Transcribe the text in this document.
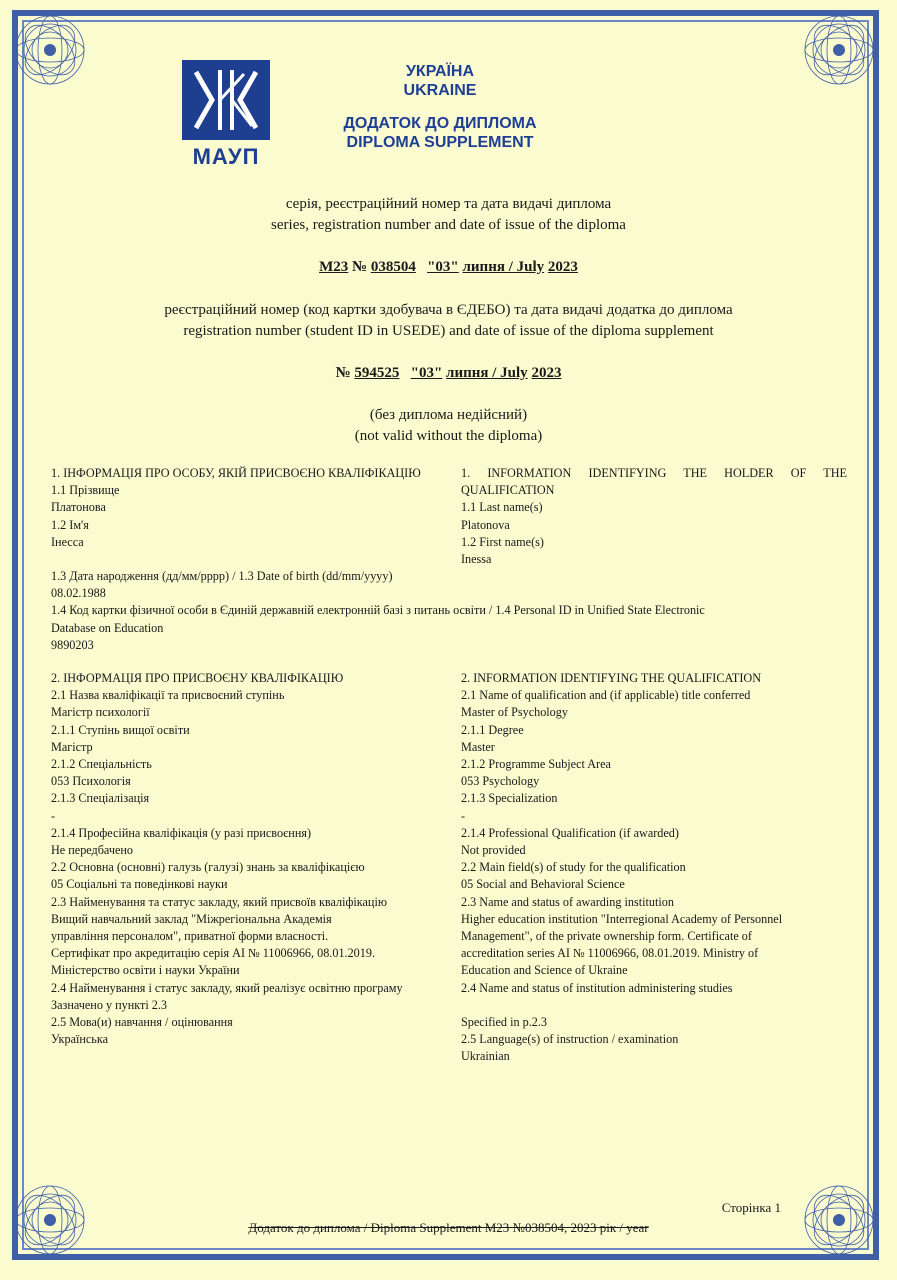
МАУП
УКРАЇНА
UKRAINE
ДОДАТОК ДО ДИПЛОМА
DIPLOMA SUPPLEMENT
серія, реєстраційний номер та дата видачі диплома
series, registration number and date of issue of the diploma
М23 № 038504 "03" липня / July 2023
реєстраційний номер (код картки здобувача в ЄДЕБО) та дата видачі додатка до диплома
registration number (student ID in USEDE) and date of issue of the diploma supplement
№ 594525 "03" липня / July 2023
(без диплома недійсний)
(not valid without the diploma)
1. ІНФОРМАЦІЯ ПРО ОСОБУ, ЯКІЙ ПРИСВОЄНО КВАЛІФІКАЦІЮ
1.1 Прізвище
Платонова
1.2 Ім'я
Інесса
1. INFORMATION IDENTIFYING THE HOLDER OF THE QUALIFICATION
1.1 Last name(s)
Platonova
1.2 First name(s)
Inessa
1.3 Дата народження (дд/мм/рррр) / 1.3 Date of birth (dd/mm/yyyy)
08.02.1988
1.4 Код картки фізичної особи в Єдиній державній електронній базі з питань освіти / 1.4 Personal ID in Unified State Electronic Database on Education
9890203
2. ІНФОРМАЦІЯ ПРО ПРИСВОЄНУ КВАЛІФІКАЦІЮ
2.1 Назва кваліфікації та присвоєний ступінь
Магістр психології
2.1.1 Ступінь вищої освіти
Магістр
2.1.2 Спеціальність
053 Психологія
2.1.3 Спеціалізація
-
2.1.4 Професійна кваліфікація (у разі присвоєння)
Не передбачено
2.2 Основна (основні) галузь (галузі) знань за кваліфікацією
05 Соціальні та поведінкові науки
2.3 Найменування та статус закладу, який присвоїв кваліфікацію
Вищий навчальний заклад "Міжрегіональна Академія
управління персоналом", приватної форми власності.
Сертифікат про акредитацію серія АІ № 11006966, 08.01.2019.
Міністерство освіти і науки України
2.4 Найменування і статус закладу, який реалізує освітню програму
Зазначено у пункті 2.3
2.5 Мова(и) навчання / оцінювання
Українська
2. INFORMATION IDENTIFYING THE QUALIFICATION
2.1 Name of qualification and (if applicable) title conferred
Master of Psychology
2.1.1 Degree
Master
2.1.2 Programme Subject Area
053 Psychology
2.1.3 Specialization
-
2.1.4 Professional Qualification (if awarded)
Not provided
2.2 Main field(s) of study for the qualification
05 Social and Behavioral Science
2.3 Name and status of awarding institution
Higher education institution "Interregional Academy of Personnel
Management", of the private ownership form. Certificate of
accreditation series AI № 11006966, 08.01.2019. Ministry of
Education and Science of Ukraine
2.4 Name and status of institution administering studies
Specified in p.2.3
2.5 Language(s) of instruction / examination
Ukrainian
Сторінка 1
Додаток до диплома / Diploma Supplement М23 №038504, 2023 рік / year
